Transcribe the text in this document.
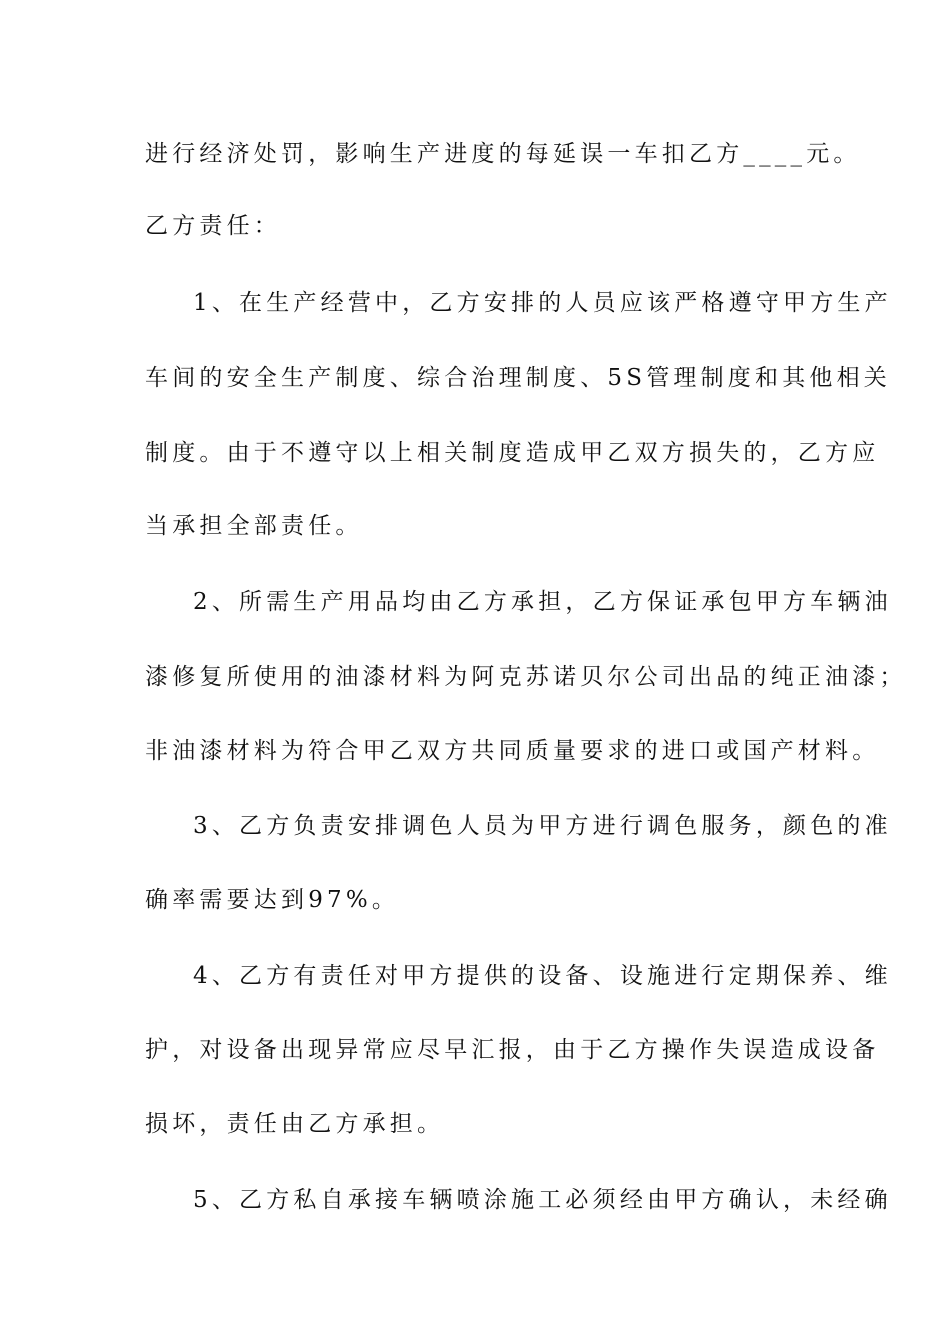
进行经济处罚，影响生产进度的每延误一车扣乙方____元。
乙方责任：
1、在生产经营中，乙方安排的人员应该严格遵守甲方生产
车间的安全生产制度、综合治理制度、5S管理制度和其他相关
制度。由于不遵守以上相关制度造成甲乙双方损失的，乙方应
当承担全部责任。
2、所需生产用品均由乙方承担，乙方保证承包甲方车辆油
漆修复所使用的油漆材料为阿克苏诺贝尔公司出品的纯正油漆；
非油漆材料为符合甲乙双方共同质量要求的进口或国产材料。
3、乙方负责安排调色人员为甲方进行调色服务，颜色的准
确率需要达到97%。
4、乙方有责任对甲方提供的设备、设施进行定期保养、维
护，对设备出现异常应尽早汇报，由于乙方操作失误造成设备
损坏，责任由乙方承担。
5、乙方私自承接车辆喷涂施工必须经由甲方确认，未经确
